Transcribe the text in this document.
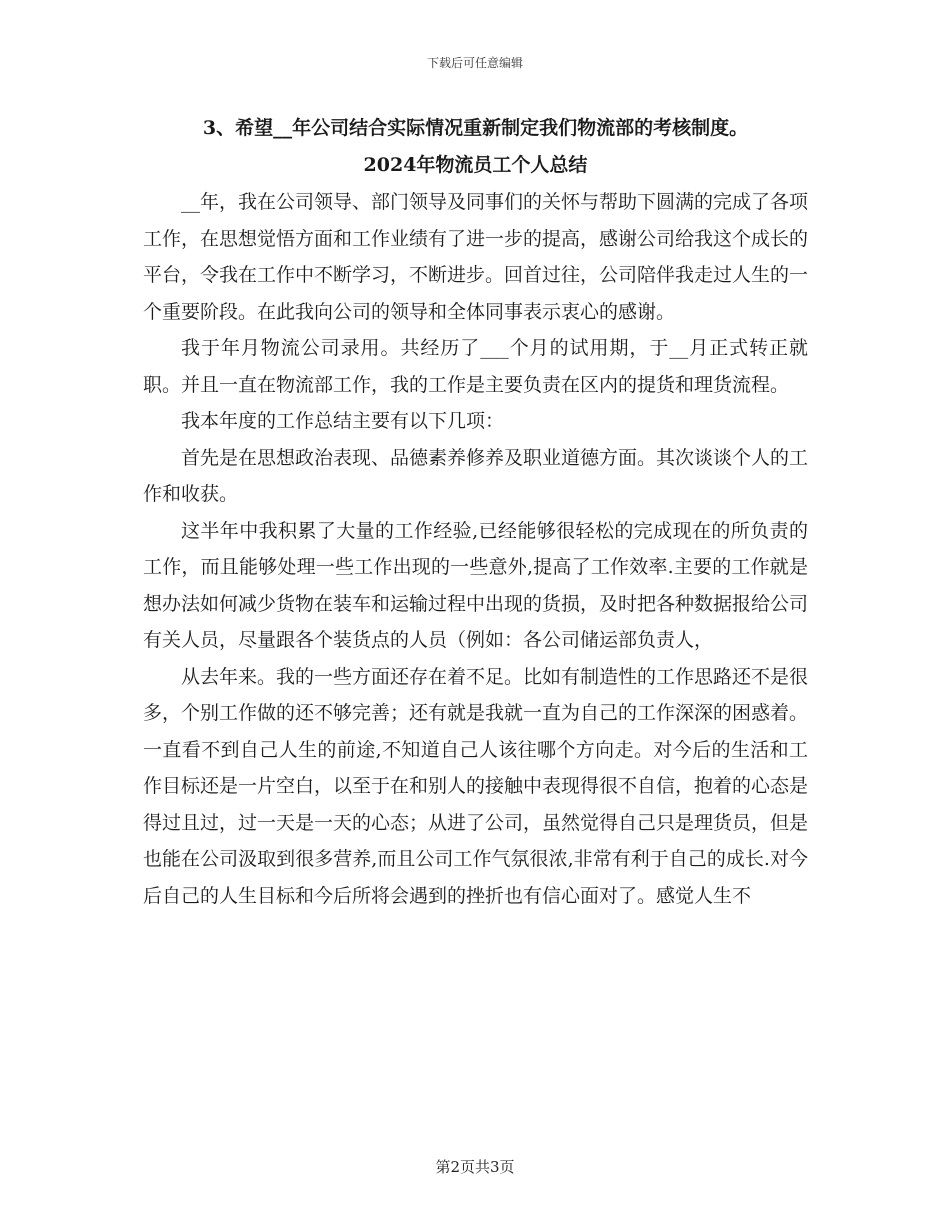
下载后可任意编辑

3、希望__年公司结合实际情况重新制定我们物流部的考核制度。

2024年物流员工个人总结

__年，我在公司领导、部门领导及同事们的关怀与帮助下圆满的完成了各项工作，在思想觉悟方面和工作业绩有了进一步的提高，感谢公司给我这个成长的平台，令我在工作中不断学习，不断进步。回首过往，公司陪伴我走过人生的一个重要阶段。在此我向公司的领导和全体同事表示衷心的感谢。

我于年月物流公司录用。共经历了___个月的试用期，于__月正式转正就职。并且一直在物流部工作，我的工作是主要负责在区内的提货和理货流程。

我本年度的工作总结主要有以下几项：

首先是在思想政治表现、品德素养修养及职业道德方面。其次谈谈个人的工作和收获。

这半年中我积累了大量的工作经验,已经能够很轻松的完成现在的所负责的工作，而且能够处理一些工作出现的一些意外,提高了工作效率.主要的工作就是想办法如何减少货物在装车和运输过程中出现的货损，及时把各种数据报给公司有关人员，尽量跟各个装货点的人员（例如：各公司储运部负责人，

从去年来。我的一些方面还存在着不足。比如有制造性的工作思路还不是很多，个别工作做的还不够完善；还有就是我就一直为自己的工作深深的困惑着。一直看不到自己人生的前途,不知道自己人该往哪个方向走。对今后的生活和工作目标还是一片空白，以至于在和别人的接触中表现得很不自信，抱着的心态是得过且过，过一天是一天的心态；从进了公司，虽然觉得自己只是理货员，但是也能在公司汲取到很多营养,而且公司工作气氛很浓,非常有利于自己的成长.对今后自己的人生目标和今后所将会遇到的挫折也有信心面对了。感觉人生不

第2页共3页
